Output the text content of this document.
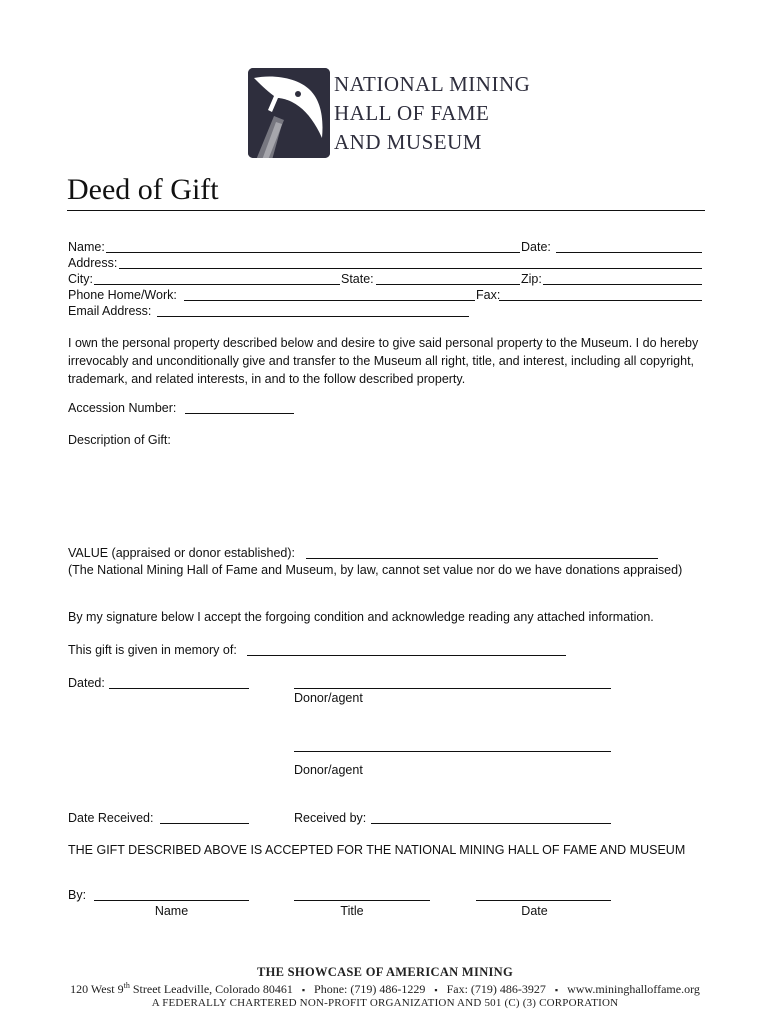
NATIONAL MINING
HALL OF FAME
AND MUSEUM
Deed of Gift
Name:	Date:
Address:
City:	State:	Zip:
Phone Home/Work:	Fax:
Email Address:
I own the personal property described below and desire to give said personal property to the Museum. I do hereby irrevocably and unconditionally give and transfer to the Museum all right, title, and interest, including all copyright, trademark, and related interests, in and to the follow described property.
Accession Number:
Description of Gift:
VALUE (appraised or donor established):
(The National Mining Hall of Fame and Museum, by law, cannot set value nor do we have donations appraised)
By my signature below I accept the forgoing condition and acknowledge reading any attached information.
This gift is given in memory of:
Dated:
Donor/agent
Donor/agent
Date Received:	Received by:
THE GIFT DESCRIBED ABOVE IS ACCEPTED FOR THE NATIONAL MINING HALL OF FAME AND MUSEUM
By:
Name	Title	Date
THE SHOWCASE OF AMERICAN MINING
120 West 9th Street Leadville, Colorado 80461 ▪ Phone: (719) 486-1229 ▪ Fax: (719) 486-3927 ▪ www.mininghalloffame.org
A FEDERALLY CHARTERED NON-PROFIT ORGANIZATION AND 501 (C) (3) CORPORATION
